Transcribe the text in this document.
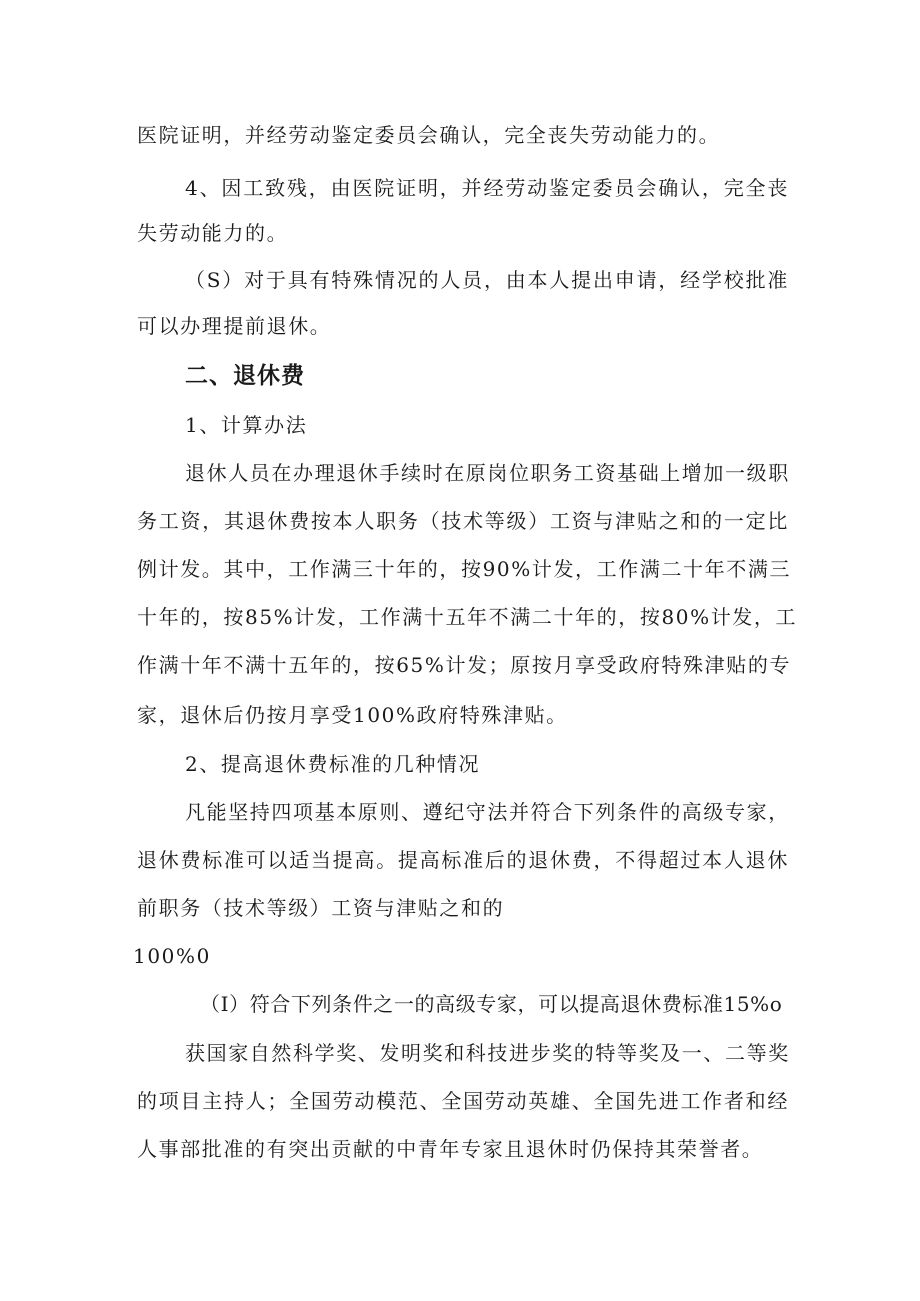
医院证明，并经劳动鉴定委员会确认，完全丧失劳动能力的。
4、因工致残，由医院证明，并经劳动鉴定委员会确认，完全丧
失劳动能力的。
（S）对于具有特殊情况的人员，由本人提出申请，经学校批准
可以办理提前退休。
二、退休费
1、计算办法
退休人员在办理退休手续时在原岗位职务工资基础上增加一级职
务工资，其退休费按本人职务（技术等级）工资与津贴之和的一定比
例计发。其中，工作满三十年的，按90%计发，工作满二十年不满三
十年的，按85%计发，工作满十五年不满二十年的，按80%计发，工
作满十年不满十五年的，按65%计发；原按月享受政府特殊津贴的专
家，退休后仍按月享受100%政府特殊津贴。
2、提高退休费标准的几种情况
凡能坚持四项基本原则、遵纪守法并符合下列条件的高级专家，
退休费标准可以适当提高。提高标准后的退休费，不得超过本人退休
前职务（技术等级）工资与津贴之和的
100%0
（I）符合下列条件之一的高级专家，可以提高退休费标准15%o
获国家自然科学奖、发明奖和科技进步奖的特等奖及一、二等奖
的项目主持人；全国劳动模范、全国劳动英雄、全国先进工作者和经
人事部批准的有突出贡献的中青年专家且退休时仍保持其荣誉者。
